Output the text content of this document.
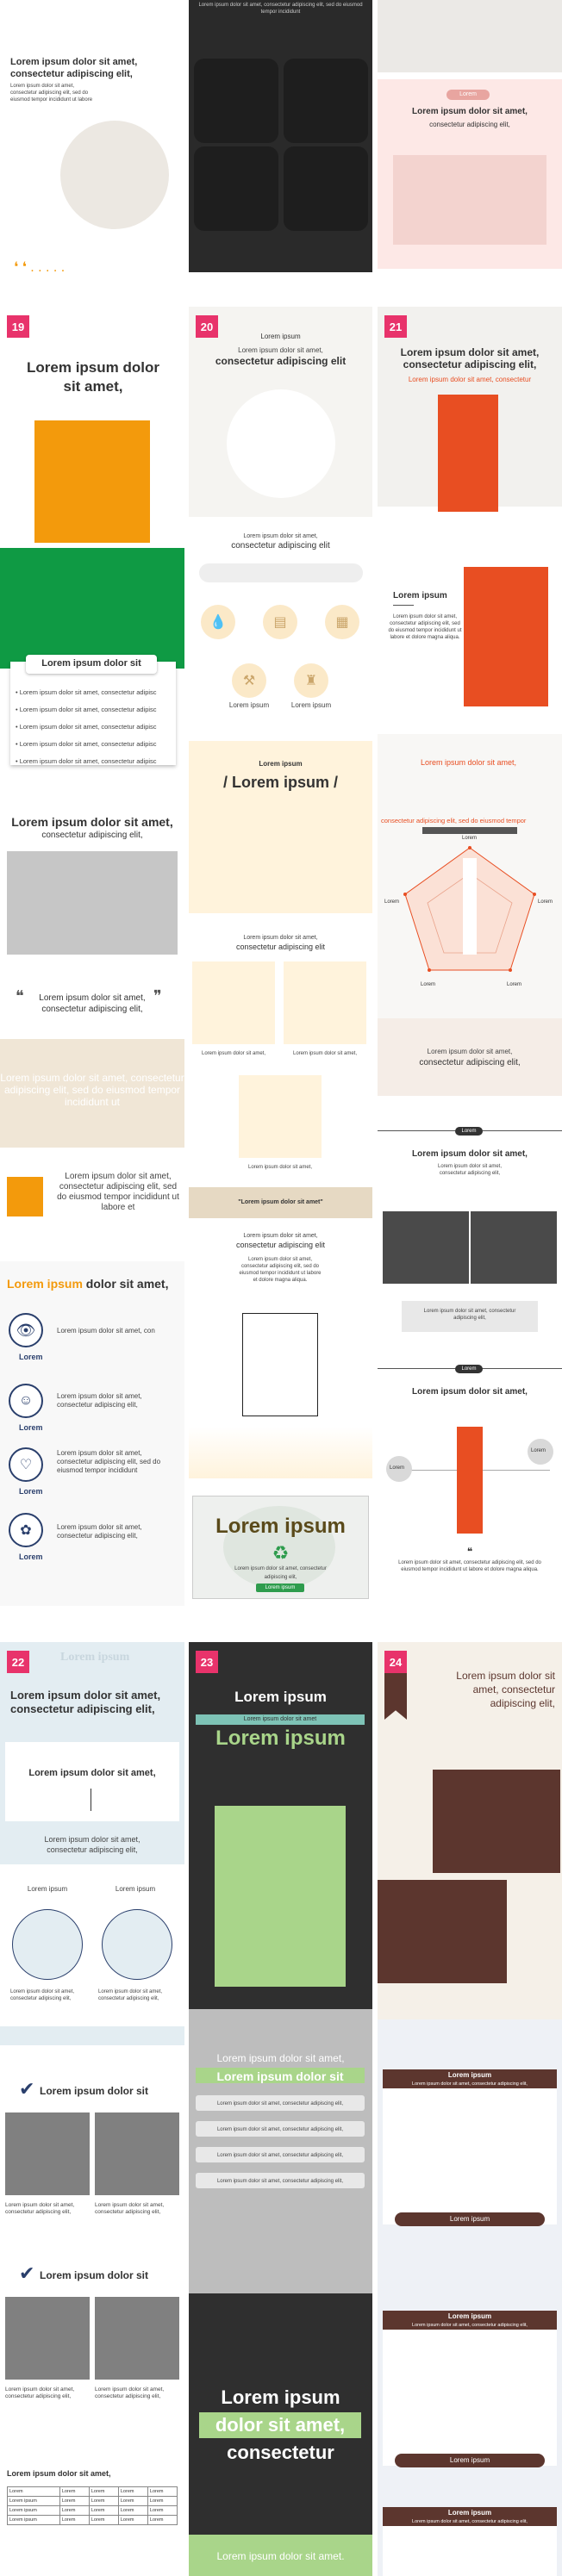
Lorem ipsum dolor sit amet,
consectetur adipiscing elit,
Lorem ipsum dolor sit amet, consectetur adipiscing elit, sed do eiusmod tempor incididunt ut labore
❛ ❛ . . . . .
Lorem ipsum dolor sit amet, consectetur adipiscing elit, sed do eiusmod tempor incididunt
Lorem
Lorem ipsum dolor sit amet,
consectetur adipiscing elit,
19
Lorem ipsum dolor sit amet,
Lorem ipsum dolor sit
• Lorem ipsum dolor sit amet, consectetur adipisc
• Lorem ipsum dolor sit amet, consectetur adipisc
• Lorem ipsum dolor sit amet, consectetur adipisc
• Lorem ipsum dolor sit amet, consectetur adipisc
• Lorem ipsum dolor sit amet, consectetur adipisc
Lorem ipsum dolor sit amet,
consectetur adipiscing elit,
❝	❞
Lorem ipsum dolor sit amet, consectetur adipiscing elit,
Lorem ipsum dolor sit amet, consectetur adipiscing elit, sed do eiusmod tempor incididunt ut
Lorem ipsum dolor sit amet, consectetur adipiscing elit, sed do eiusmod tempor incididunt ut labore et
Lorem ipsum dolor sit amet,
👁
Lorem
Lorem ipsum dolor sit amet, con
☺
Lorem
Lorem ipsum dolor sit amet, consectetur adipiscing elit,
♡
Lorem
Lorem ipsum dolor sit amet, consectetur adipiscing elit, sed do eiusmod tempor incididunt
✿
Lorem
Lorem ipsum dolor sit amet, consectetur adipiscing elit,
20
Lorem ipsum
Lorem ipsum dolor sit amet,
consectetur adipiscing elit
Lorem ipsum dolor sit amet,
consectetur adipiscing elit
💧	▤	▦
⚒	♜
Lorem ipsum	Lorem ipsum
Lorem ipsum
/ Lorem ipsum /
Lorem ipsum dolor sit amet,
consectetur adipiscing elit
Lorem ipsum dolor sit amet,	Lorem ipsum dolor sit amet,
Lorem ipsum dolor sit amet,
"Lorem ipsum dolor sit amet"
Lorem ipsum dolor sit amet,
consectetur adipiscing elit
Lorem ipsum dolor sit amet, consectetur adipiscing elit, sed do eiusmod tempor incididunt ut labore et dolore magna aliqua.
Lorem ipsum
♻
Lorem ipsum dolor sit amet, consectetur adipiscing elit,
Lorem ipsum
21
Lorem ipsum dolor sit amet,
consectetur adipiscing elit,
Lorem ipsum dolor sit amet, consectetur
Lorem ipsum
Lorem ipsum dolor sit amet, consectetur adipiscing elit, sed do eiusmod tempor incididunt ut labore et dolore magna aliqua.
Lorem ipsum dolor sit amet,
consectetur adipiscing elit, sed do eiusmod tempor
Lorem
Lorem	Lorem
Lorem	Lorem
Lorem ipsum dolor sit amet,
consectetur adipiscing elit,
Lorem
Lorem ipsum dolor sit amet,
Lorem ipsum dolor sit amet, consectetur adipiscing elit,
Lorem ipsum dolor sit amet, consectetur adipiscing elit,
Lorem
Lorem ipsum dolor sit amet,
Lorem
Lorem
❝
Lorem ipsum dolor sit amet, consectetur adipiscing elit, sed do eiusmod tempor incididunt ut labore et dolore magna aliqua.
22	Lorem ipsum
Lorem ipsum dolor sit amet,
consectetur adipiscing elit,
Lorem ipsum dolor sit amet,
Lorem ipsum dolor sit amet,
consectetur adipiscing elit,
Lorem ipsum	Lorem ipsum
Lorem ipsum dolor sit amet, consectetur adipiscing elit,
Lorem ipsum dolor sit amet, consectetur adipiscing elit,
✔ Lorem ipsum dolor sit
Lorem ipsum dolor sit amet, consectetur adipiscing elit,
Lorem ipsum dolor sit amet, consectetur adipiscing elit,
✔ Lorem ipsum dolor sit
Lorem ipsum dolor sit amet, consectetur adipiscing elit,
Lorem ipsum dolor sit amet, consectetur adipiscing elit,
Lorem ipsum dolor sit amet,
Lorem	Lorem	Lorem	Lorem	Lorem
Lorem ipsum	Lorem	Lorem	Lorem	Lorem
Lorem ipsum	Lorem	Lorem	Lorem	Lorem
Lorem ipsum	Lorem	Lorem	Lorem	Lorem
23
Lorem ipsum
Lorem ipsum dolor sit amet
Lorem ipsum
Lorem ipsum dolor sit amet,
Lorem ipsum dolor sit
Lorem ipsum dolor sit amet, consectetur adipiscing elit,
Lorem ipsum dolor sit amet, consectetur adipiscing elit,
Lorem ipsum dolor sit amet, consectetur adipiscing elit,
Lorem ipsum dolor sit amet, consectetur adipiscing elit,
Lorem ipsum
dolor sit amet,
consectetur
Lorem ipsum dolor sit amet.
24
Lorem ipsum dolor sit
amet, consectetur
adipiscing elit,
Lorem ipsum
Lorem ipsum dolor sit amet, consectetur adipiscing elit,
Lorem ipsum
Lorem ipsum
Lorem ipsum dolor sit amet, consectetur adipiscing elit,
Lorem ipsum
Lorem ipsum
Lorem ipsum dolor sit amet, consectetur adipiscing elit,
